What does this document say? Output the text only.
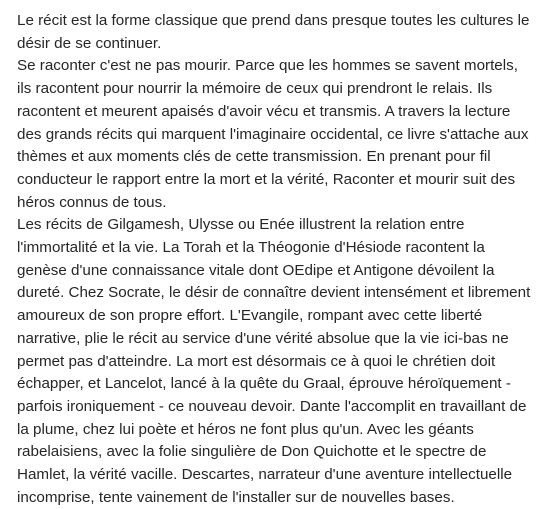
Le récit est la forme classique que prend dans presque toutes les cultures le désir de se continuer.

Se raconter c'est ne pas mourir. Parce que les hommes se savent mortels, ils racontent pour nourrir la mémoire de ceux qui prendront le relais. Ils racontent et meurent apaisés d'avoir vécu et transmis. A travers la lecture des grands récits qui marquent l'imaginaire occidental, ce livre s'attache aux thèmes et aux moments clés de cette transmission. En prenant pour fil conducteur le rapport entre la mort et la vérité, Raconter et mourir suit des héros connus de tous.

Les récits de Gilgamesh, Ulysse ou Enée illustrent la relation entre l'immortalité et la vie. La Torah et la Théogonie d'Hésiode racontent la genèse d'une connaissance vitale dont OEdipe et Antigone dévoilent la dureté. Chez Socrate, le désir de connaître devient intensément et librement amoureux de son propre effort. L'Evangile, rompant avec cette liberté narrative, plie le récit au service d'une vérité absolue que la vie ici-bas ne permet pas d'atteindre. La mort est désormais ce à quoi le chrétien doit échapper, et Lancelot, lancé à la quête du Graal, éprouve héroïquement - parfois ironiquement - ce nouveau devoir. Dante l'accomplit en travaillant de la plume, chez lui poète et héros ne font plus qu'un. Avec les géants rabelaisiens, avec la folie singulière de Don Quichotte et le spectre de Hamlet, la vérité vacille. Descartes, narrateur d'une aventure intellectuelle incomprise, tente vainement de l'installer sur de nouvelles bases.
